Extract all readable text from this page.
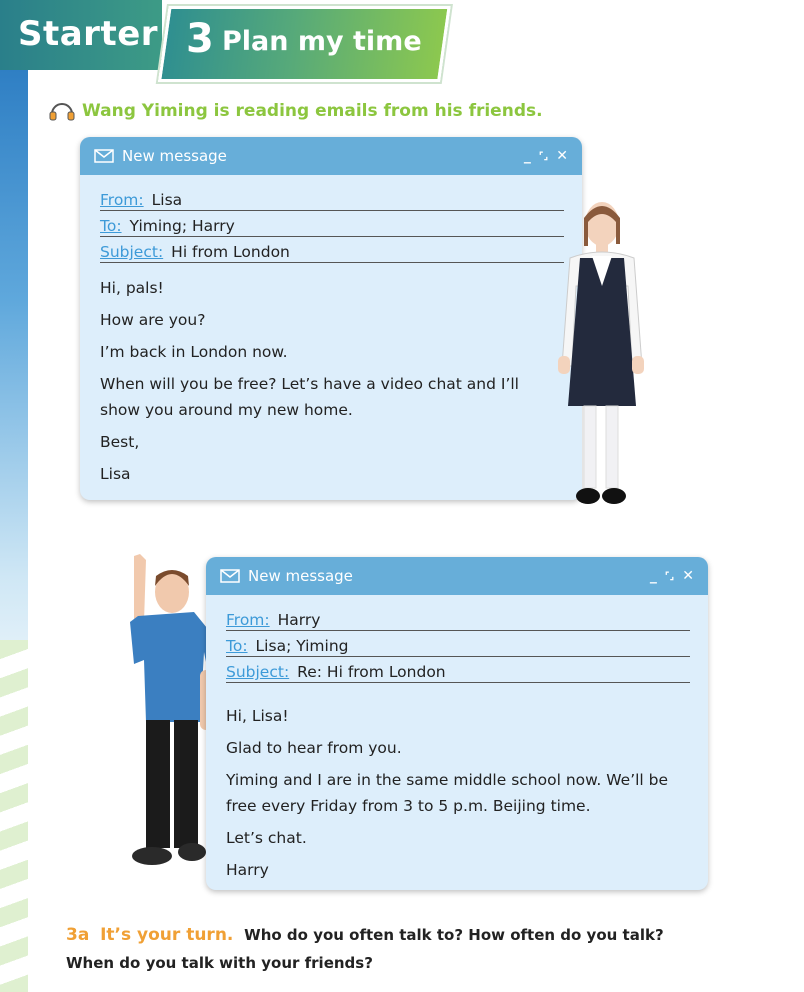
Starter 3 Plan my time
Wang Yiming is reading emails from his friends.
New message	_ ⌜⌟ ✕
From: Lisa
To: Yiming; Harry
Subject: Hi from London

Hi, pals!

How are you?

I’m back in London now.

When will you be free? Let’s have a video chat and I’ll show you around my new home.

Best,

Lisa

New message	_ ⌜⌟ ✕
From: Harry
To: Lisa; Yiming
Subject: Re: Hi from London

Hi, Lisa!

Glad to hear from you.

Yiming and I are in the same middle school now. We’ll be free every Friday from 3 to 5 p.m. Beijing time.

Let’s chat.

Harry

3a It’s your turn. Who do you often talk to? How often do you talk? When do you talk with your friends?
